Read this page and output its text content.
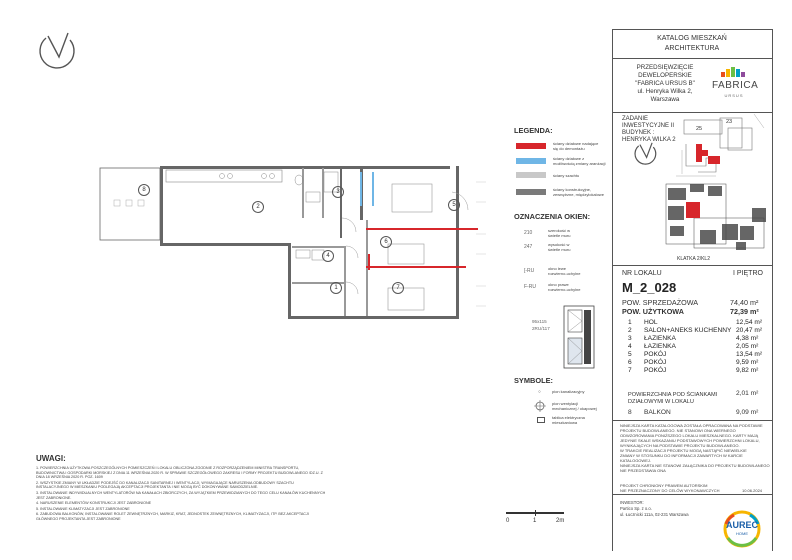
KATALOG MIESZKAŃ
ARCHITEKTURA
PRZEDSIĘWZIĘCIE
DEWELOPERSKIE
"FABRICA URSUS B"
ul. Henryka Wilka 2,
Warszawa
FABRICA
URSUS
ZADANIE
INWESTYCYJNE II
BUDYNEK :
HENRYKA WILKA 2
25
23
KLATKA 2/KL2
NR LOKALU	I PIĘTRO
M_2_028
POW. SPRZEDAŻOWA	74,40 m²
POW. UŻYTKOWA	72,39 m²
1 HOL	12,54 m²
2 SALON+ANEKS KUCHENNY 20,47 m²
3 ŁAZIENKA	4,38 m²
4 ŁAZIENKA	2,05 m²
5 POKÓJ	13,54 m²
6 POKÓJ	9,59 m²
7 POKÓJ	9,82 m²
POWIERZCHNIA POD ŚCIANKAMI
DZIAŁOWYMI W LOKALU
2,01 m²
8 BALKON	9,09 m²
NINIEJSZA KARTA KATALOGOWA ZOSTAŁA OPRACOWANA NA PODSTAWIE
PROJEKTU BUDOWLANEGO. NIE STANOWI ONA WIERNEGO
ODWZOROWANIA PONIŻSZEGO LOKALU MIESZKALNEGO. KARTY MAJĄ
JEDYNIE SKALE WSKAZANIU PODSTAWOWYCH POWIERZCHNI LOKALU,
WYNIKAJĄCYCH NA PODSTAWIE PROJEKTU BUDOWLANEGO.
W TRAKCIE REALIZACJI PROJEKTU MOGĄ NASTĄPIĆ NIEWIELKIE
ZMIANY W STOSUNKU DO INFORMACJI ZAWARTYCH W KARCIE
KATALOGOWEJ.
NINIEJSZA KARTA NIE STANOWI ZAŁĄCZNIKA DO PROJEKTU BUDOWLANEGO
NIE PRZEDSTAWIA ONA
PROJEKT CHRONIONY PRAWEM AUTORSKIM
NIE PRZEZNACZONY DO CELÓW WYKONAWCZYCH	10.06.2024
INWESTOR:
Partico Sp. z o.o.
ul. Łucznicki 111a, 02-231 Warszawa
AUREC
HOME
LEGENDA:
ściany działowe nadające
się do demontażu
ściany działowe z
możliwością zmiany aranżacji
ściany szachtu
ściany konstrukcyjne,
zewnętrzne, międzylokalowe
OZNACZENIA OKIEN:
210	szerokość w
świetle muru
247	wysokość w
świetle muru
[-RU	okno lewe
rozwierno-uchylne
F-RU	okno prawe
rozwierno-uchylne
95x115
2RU/117
SYMBOLE:
◦	pion kanalizacyjny
pion wentylacji
mechanicznej / okapowej
tablica elektryczna
mieszkaniowa
8
2
3
4
5
6
7
1
0	1	2m
UWAGI:
1. POWIERZCHNIA UŻYTKOWA POSZCZEGÓLNYCH POMIESZCZEŃ I LOKALU OBLICZONA ZGODNIE Z ROZPORZĄDZENIEM MINISTRA TRANSPORTU, BUDOWNICTWA I GOSPODARKI MORSKIEJ Z DNIA 11 WRZEŚNIA 2020 R. W SPRAWIE SZCZEGÓŁOWEGO ZAKRESU I FORMY PROJEKTU BUDOWLANEGO /DZ.U. Z DNIA 18 WRZEŚNIA 2020 R. POZ. 1609
2. WSZYSTKIE ZMIANY W UKŁADZIE PODEJŚĆ DO KANALIZACJI SANITARNEJ I WENTYLACJI, WYMAGAJĄCE NARUSZENIA ODBUDOWY SZACHTU INSTALACYJNEGO W MIESZKANIU PODLEGAJĄ AKCEPTACJI PROJEKTANTA I NIE MOGĄ BYĆ DOKONYWANE SAMODZIELNIE.
3. INSTALOWANIE INDYWIDUALNYCH WENTYLATORÓW NA KANAŁACH ZBIORCZYCH, ZA WYJĄTKIEM PRZEWIDZIANYCH DO TEGO CELU KANAŁÓW KUCHENNYCH JEST ZABRONIONE.
4. NARUSZENIE ELEMENTÓW KONSTRUKCJI JEST ZABRONIONE
5. INSTALOWANIE KLIMATYZACJI JEST ZABRONIONE
6. ZABUDOWA BALKONÓW, INSTALOWANIE ROLET ZEWNĘTRZNYCH, MARKIZ, KRAT, JEDNOSTEK ZEWNĘTRZNYCH, KLIMATYZACJI, ITP. BEZ AKCEPTACJI GŁÓWNEGO PROJEKTANTA JEST ZABRONIONE
